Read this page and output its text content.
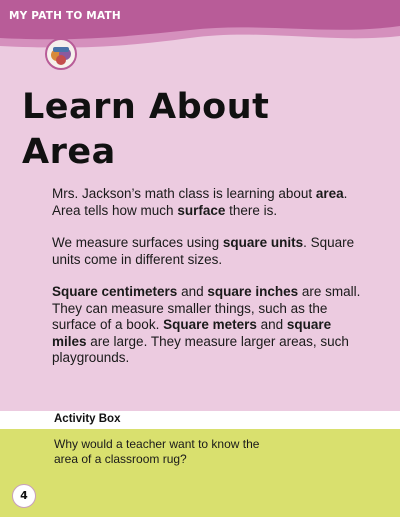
MY PATH TO MATH
Learn About Area

Mrs. Jackson’s math class is learning about area. Area tells how much surface there is.

We measure surfaces using square units. Square units come in different sizes.

Square centimeters and square inches are small. They can measure smaller things, such as the surface of a book. Square meters and square miles are large. They measure larger areas, such playgrounds.

Activity Box

Why would a teacher want to know the area of a classroom rug?

4
